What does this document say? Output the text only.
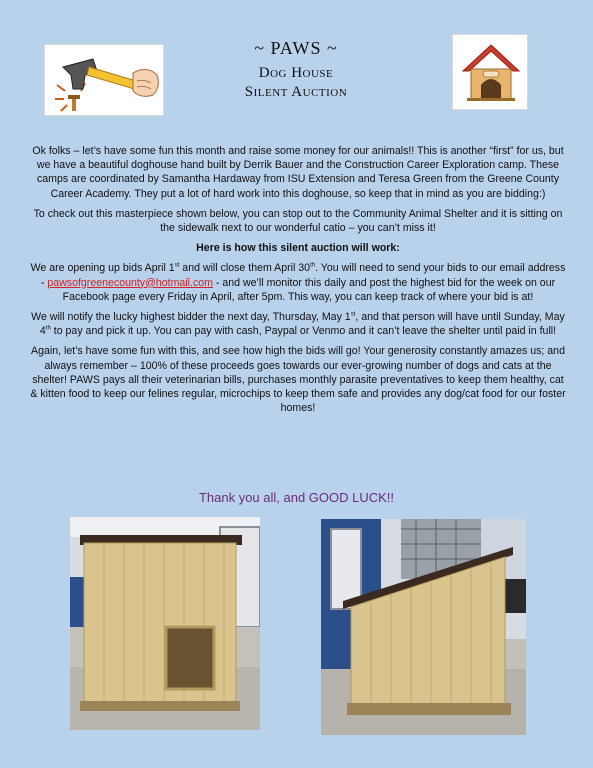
~ PAWS ~
Dog House
Silent Auction

Ok folks – let’s have some fun this month and raise some money for our animals!! This is another “first” for us, but we have a beautiful doghouse hand built by Derrik Bauer and the Construction Career Exploration camp. These camps are coordinated by Samantha Hardaway from ISU Extension and Teresa Green from the Greene County Career Academy. They put a lot of hard work into this doghouse, so keep that in mind as you are bidding:)

To check out this masterpiece shown below, you can stop out to the Community Animal Shelter and it is sitting on the sidewalk next to our wonderful catio – you can’t miss it!

Here is how this silent auction will work:

We are opening up bids April 1st and will close them April 30th. You will need to send your bids to our email address - pawsofgreenecounty@hotmail.com - and we’ll monitor this daily and post the highest bid for the week on our Facebook page every Friday in April, after 5pm. This way, you can keep track of where your bid is at!

We will notify the lucky highest bidder the next day, Thursday, May 1st, and that person will have until Sunday, May 4th to pay and pick it up. You can pay with cash, Paypal or Venmo and it can’t leave the shelter until paid in full!

Again, let’s have some fun with this, and see how high the bids will go! Your generosity constantly amazes us; and always remember – 100% of these proceeds goes towards our ever-growing number of dogs and cats at the shelter! PAWS pays all their veterinarian bills, purchases monthly parasite preventatives to keep them healthy, cat & kitten food to keep our felines regular, microchips to keep them safe and provides any dog/cat food for our foster homes!

Thank you all, and GOOD LUCK!!
